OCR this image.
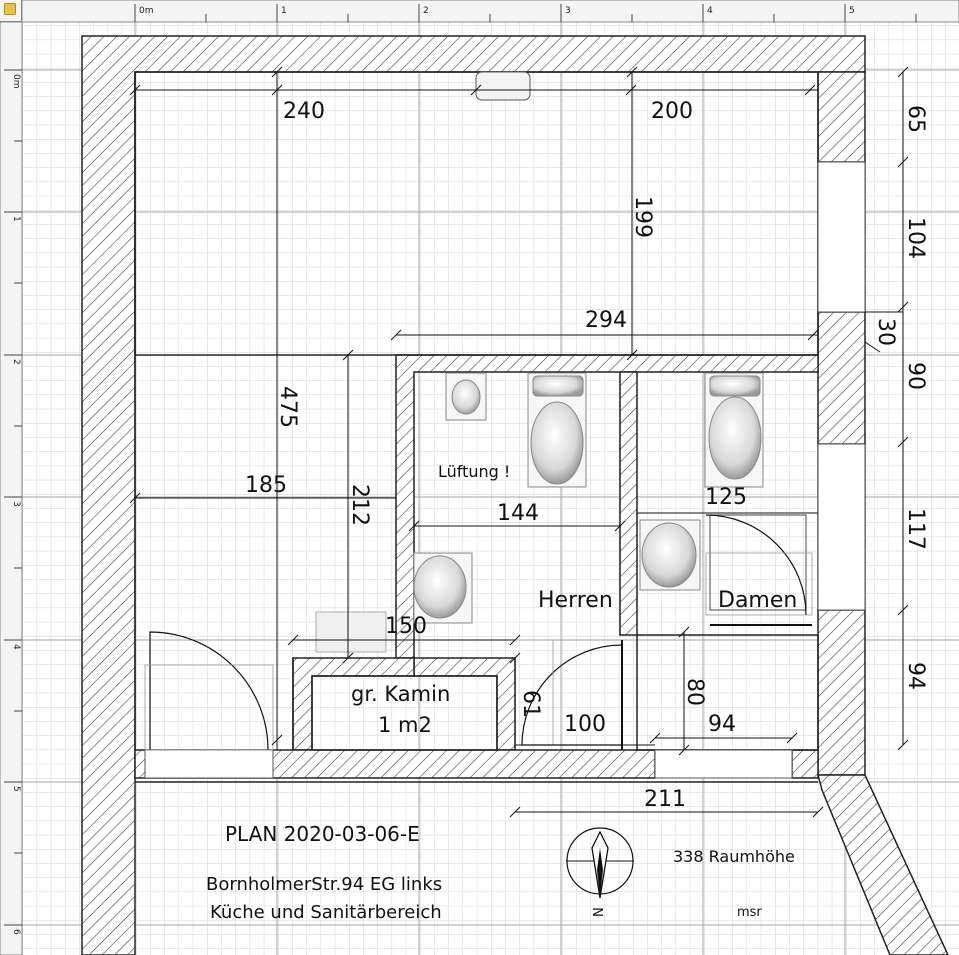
0m	1	2	3	4	5
0m
1
2
3
4
5
6
240	200
199
294
475
185	212	144
125
150
61
100
80
94
211
65
104
30
90
117
94
Lüftung !
Herren	Damen
gr. Kamin
1 m2
PLAN 2020-03-06-E
BornholmerStr.94 EG links
Küche und Sanitärbereich
338 Raumhöhe
msr
N
